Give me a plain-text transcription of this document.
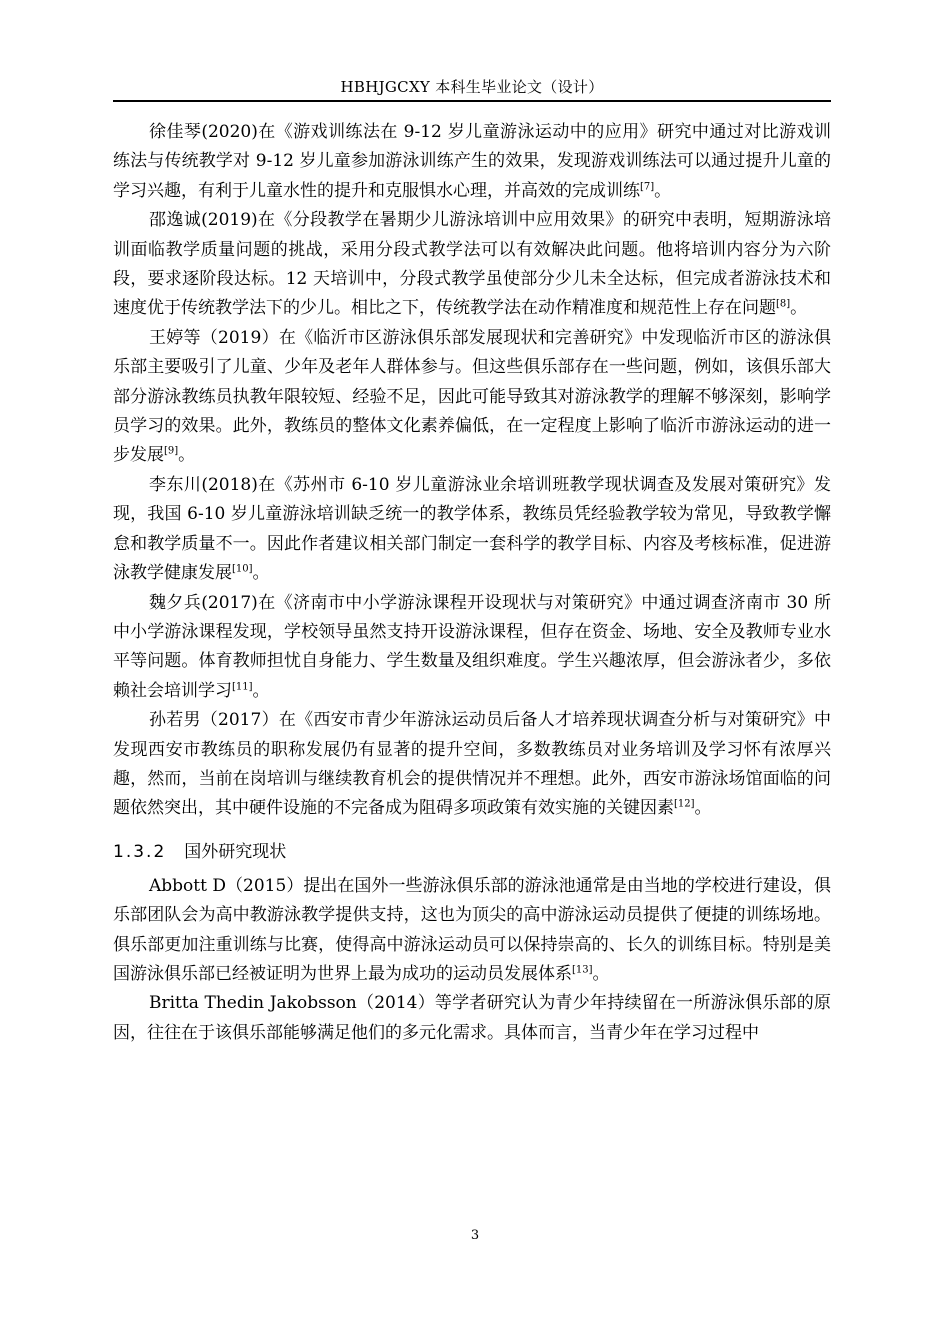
HBHJGCXY 本科生毕业论文（设计）

徐佳琴(2020)在《游戏训练法在 9-12 岁儿童游泳运动中的应用》研究中通过对比游戏训练法与传统教学对 9-12 岁儿童参加游泳训练产生的效果，发现游戏训练法可以通过提升儿童的学习兴趣，有利于儿童水性的提升和克服惧水心理，并高效的完成训练[7]。

邵逸诚(2019)在《分段教学在暑期少儿游泳培训中应用效果》的研究中表明，短期游泳培训面临教学质量问题的挑战，采用分段式教学法可以有效解决此问题。他将培训内容分为六阶段，要求逐阶段达标。12 天培训中，分段式教学虽使部分少儿未全达标，但完成者游泳技术和速度优于传统教学法下的少儿。相比之下，传统教学法在动作精准度和规范性上存在问题[8]。

王婷等（2019）在《临沂市区游泳俱乐部发展现状和完善研究》中发现临沂市区的游泳俱乐部主要吸引了儿童、少年及老年人群体参与。但这些俱乐部存在一些问题，例如，该俱乐部大部分游泳教练员执教年限较短、经验不足，因此可能导致其对游泳教学的理解不够深刻，影响学员学习的效果。此外，教练员的整体文化素养偏低，在一定程度上影响了临沂市游泳运动的进一步发展[9]。

李东川(2018)在《苏州市 6-10 岁儿童游泳业余培训班教学现状调查及发展对策研究》发现，我国 6-10 岁儿童游泳培训缺乏统一的教学体系，教练员凭经验教学较为常见，导致教学懈怠和教学质量不一。因此作者建议相关部门制定一套科学的教学目标、内容及考核标准，促进游泳教学健康发展[10]。

魏夕兵(2017)在《济南市中小学游泳课程开设现状与对策研究》中通过调查济南市 30 所中小学游泳课程发现，学校领导虽然支持开设游泳课程，但存在资金、场地、安全及教师专业水平等问题。体育教师担忧自身能力、学生数量及组织难度。学生兴趣浓厚，但会游泳者少，多依赖社会培训学习[11]。

孙若男（2017）在《西安市青少年游泳运动员后备人才培养现状调查分析与对策研究》中发现西安市教练员的职称发展仍有显著的提升空间，多数教练员对业务培训及学习怀有浓厚兴趣，然而，当前在岗培训与继续教育机会的提供情况并不理想。此外，西安市游泳场馆面临的问题依然突出，其中硬件设施的不完备成为阻碍多项政策有效实施的关键因素[12]。

1.3.2 国外研究现状

Abbott D（2015）提出在国外一些游泳俱乐部的游泳池通常是由当地的学校进行建设，俱乐部团队会为高中教游泳教学提供支持，这也为顶尖的高中游泳运动员提供了便捷的训练场地。俱乐部更加注重训练与比赛，使得高中游泳运动员可以保持崇高的、长久的训练目标。特别是美国游泳俱乐部已经被证明为世界上最为成功的运动员发展体系[13]。

Britta Thedin Jakobsson（2014）等学者研究认为青少年持续留在一所游泳俱乐部的原因，往往在于该俱乐部能够满足他们的多元化需求。具体而言，当青少年在学习过程中

3
